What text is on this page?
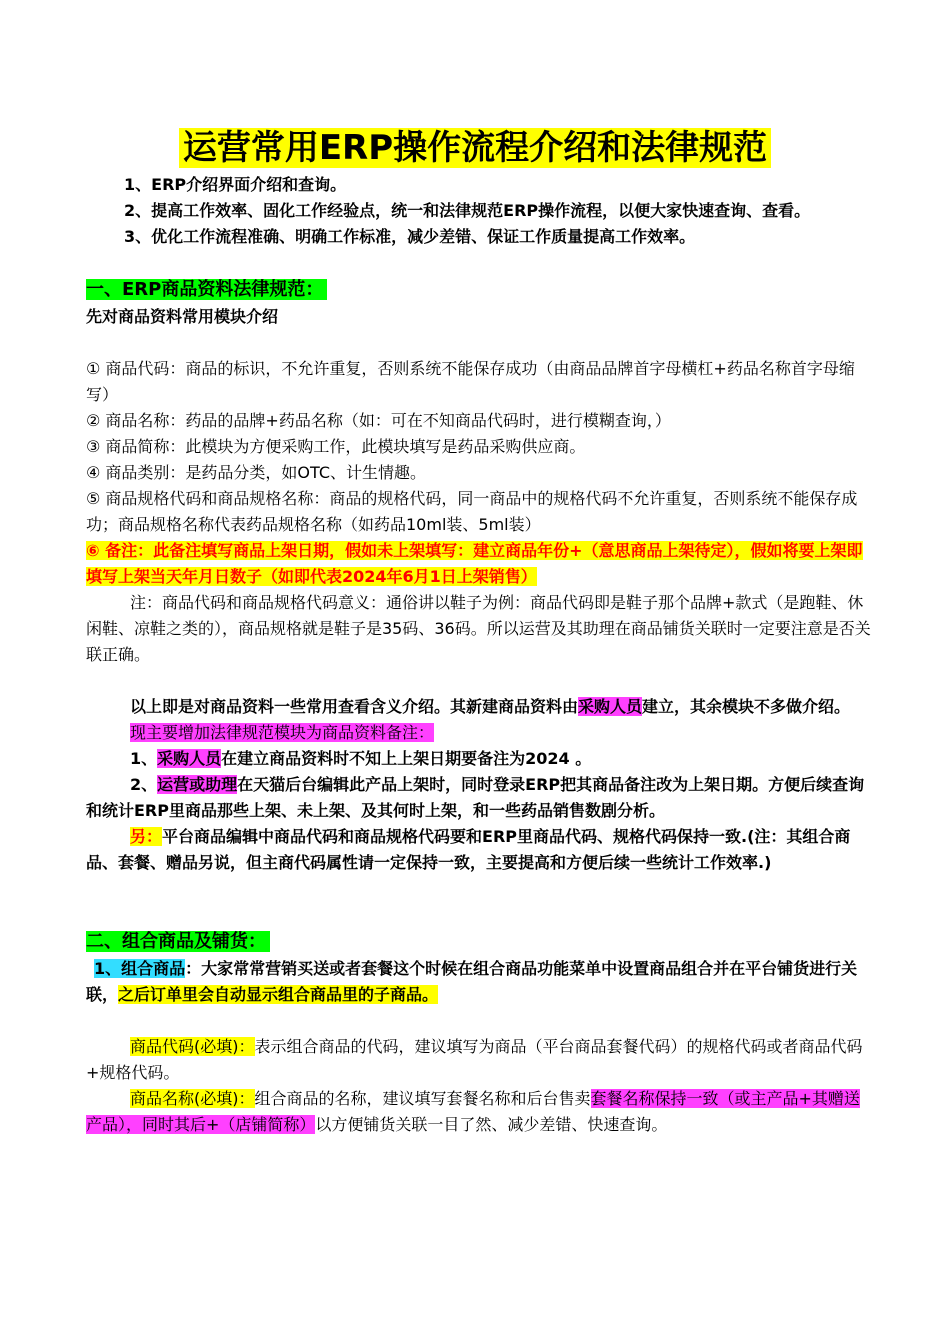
运营常用ERP操作流程介绍和法律规范

1、ERP介绍界面介绍和查询。

2、提高工作效率、固化工作经验点，统一和法律规范ERP操作流程，以便大家快速查询、查看。

3、优化工作流程准确、明确工作标准，减少差错、保证工作质量提高工作效率。

一、ERP商品资料法律规范：

先对商品资料常用模块介绍

① 商品代码：商品的标识，不允许重复，否则系统不能保存成功（由商品品牌首字母横杠+药品名称首字母缩写）

② 商品名称：药品的品牌+药品名称（如：可在不知商品代码时，进行模糊查询，）

③ 商品简称：此模块为方便采购工作，此模块填写是药品采购供应商。

④ 商品类别：是药品分类，如OTC、计生情趣。

⑤ 商品规格代码和商品规格名称：商品的规格代码，同一商品中的规格代码不允许重复，否则系统不能保存成功；商品规格名称代表药品规格名称（如药品10ml装、5ml装）

⑥ 备注：此备注填写商品上架日期，假如未上架填写：建立商品年份+（意思商品上架待定），假如将要上架即填写上架当天年月日数子（如即代表2024年6月1日上架销售）

注：商品代码和商品规格代码意义：通俗讲以鞋子为例：商品代码即是鞋子那个品牌+款式（是跑鞋、休闲鞋、凉鞋之类的），商品规格就是鞋子是35码、36码。所以运营及其助理在商品铺货关联时一定要注意是否关联正确。

以上即是对商品资料一些常用查看含义介绍。其新建商品资料由采购人员建立，其余模块不多做介绍。

现主要增加法律规范模块为商品资料备注：

1、采购人员在建立商品资料时不知上上架日期要备注为2024 。

2、运营或助理在天猫后台编辑此产品上架时，同时登录ERP把其商品备注改为上架日期。方便后续查询和统计ERP里商品那些上架、未上架、及其何时上架，和一些药品销售数剧分析。

另：平台商品编辑中商品代码和商品规格代码要和ERP里商品代码、规格代码保持一致.(注：其组合商品、套餐、赠品另说，但主商代码属性请一定保持一致，主要提高和方便后续一些统计工作效率.)

二、组合商品及铺货：

1、组合商品：大家常常营销买送或者套餐这个时候在组合商品功能菜单中设置商品组合并在平台铺货进行关联，之后订单里会自动显示组合商品里的子商品。

商品代码(必填)：表示组合商品的代码，建议填写为商品（平台商品套餐代码）的规格代码或者商品代码+规格代码。

商品名称(必填)：组合商品的名称，建议填写套餐名称和后台售卖套餐名称保持一致（或主产品+其赠送产品），同时其后+（店铺简称）以方便铺货关联一目了然、减少差错、快速查询。
